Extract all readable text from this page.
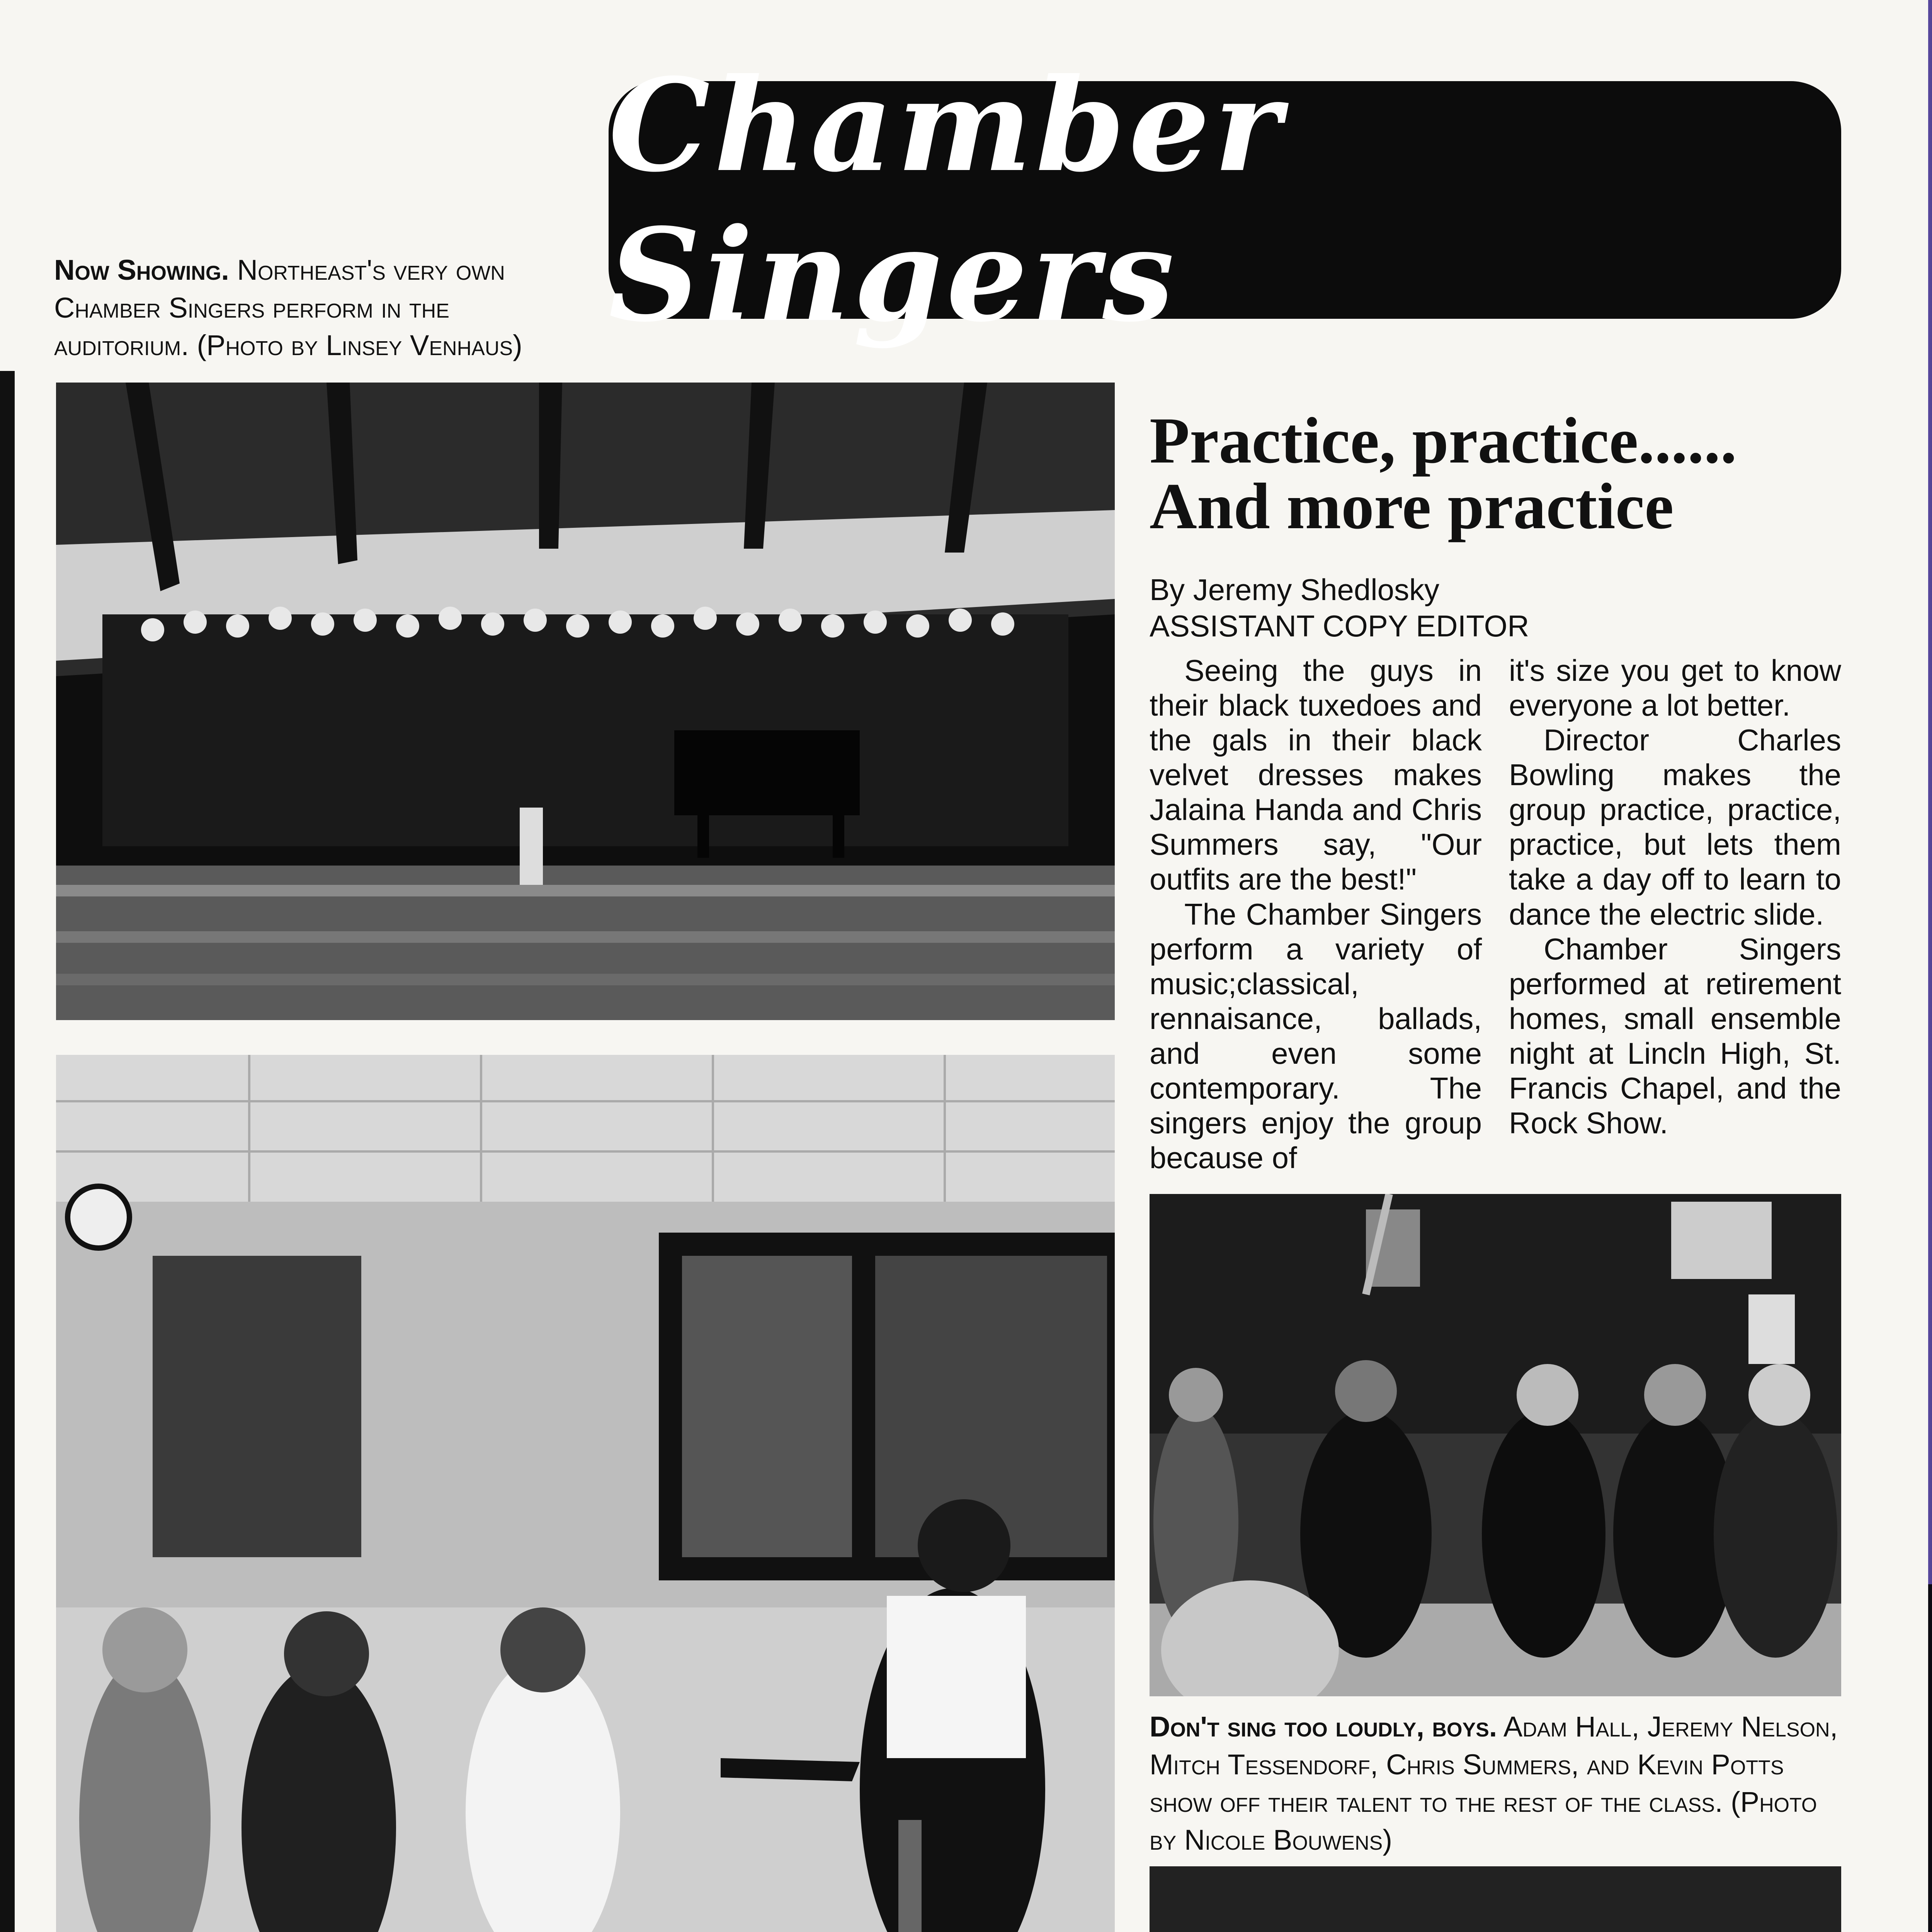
Chamber Singers
Now Showing. Northeast's very own Chamber Singers perform in the auditorium. (Photo by Linsey Venhaus)
Practice, practice......
And more practice
By Jeremy Shedlosky
ASSISTANT COPY EDITOR

Seeing the guys in their black tuxedoes and the gals in their black velvet dresses makes Jalaina Handa and Chris Summers say, "Our outfits are the best!"

The Chamber Singers perform a variety of music;classical, rennaisance, ballads, and even some contemporary. The singers enjoy the group because of

it's size you get to know everyone a lot better.

Director Charles Bowling makes the group practice, practice, practice, but lets them take a day off to learn to dance the electric slide.

Chamber Singers performed at retirement homes, small ensemble night at Lincln High, St. Francis Chapel, and the Rock Show.

Don't sing too loudly, boys. Adam Hall, Jeremy Nelson, Mitch Tessendorf, Chris Summers, and Kevin Potts show off their talent to the rest of the class. (Photo by Nicole Bouwens)
